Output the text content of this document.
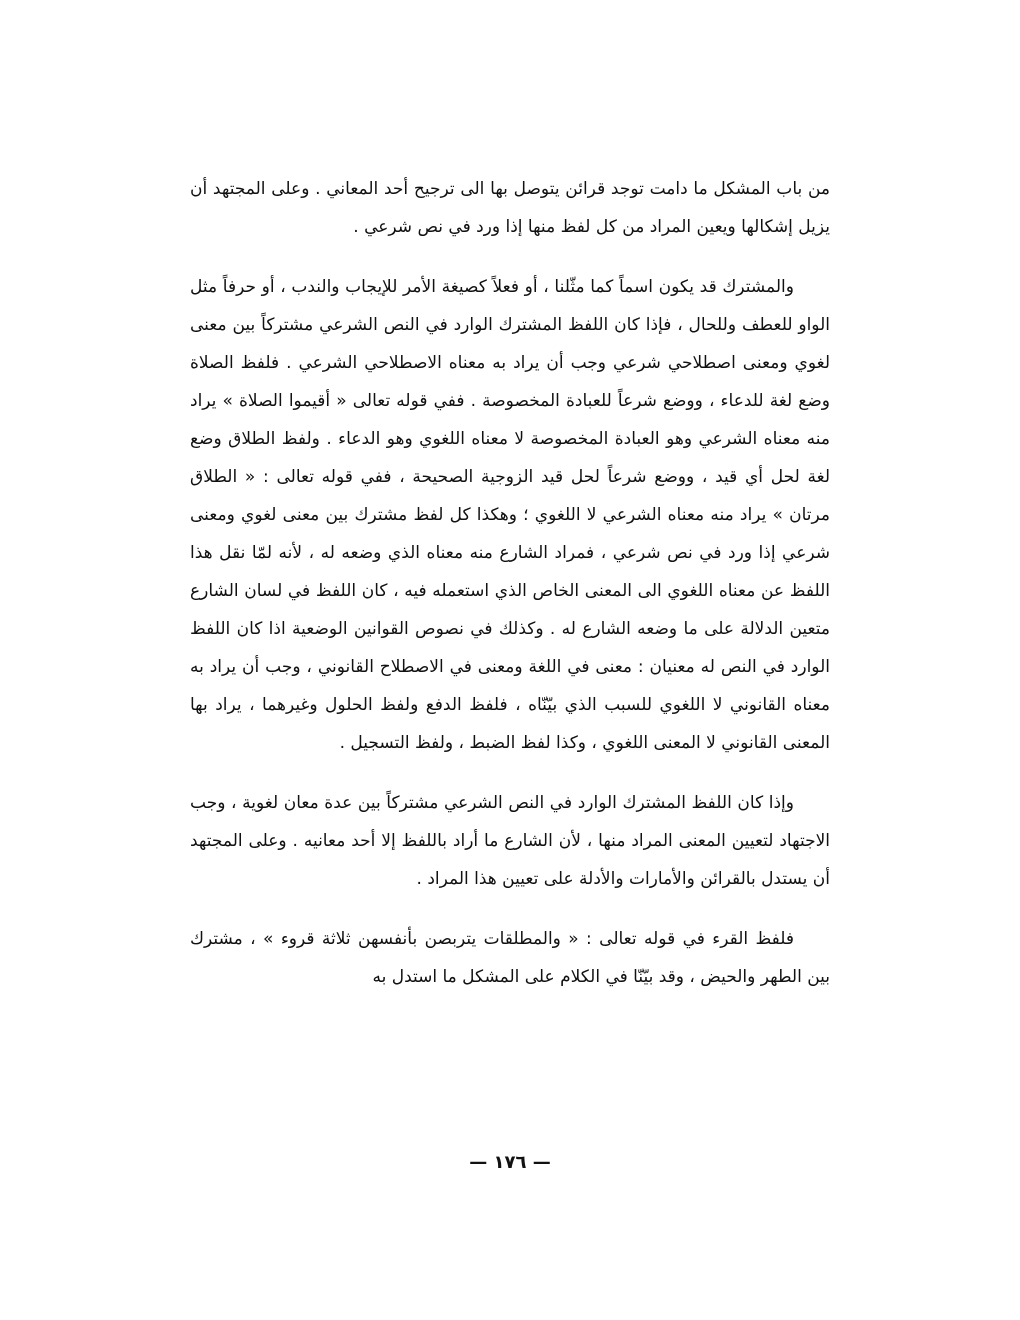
من باب المشكل ما دامت توجد قرائن يتوصل بها الى ترجيح أحد المعاني . وعلى المجتهد أن يزيل إشكالها ويعين المراد من كل لفظ منها إذا ورد في نص شرعي .

والمشترك قد يكون اسماً كما مثّلنا ، أو فعلاً كصيغة الأمر للإيجاب والندب ، أو حرفاً مثل الواو للعطف وللحال ، فإذا كان اللفظ المشترك الوارد في النص الشرعي مشتركاً بين معنى لغوي ومعنى اصطلاحي شرعي وجب أن يراد به معناه الاصطلاحي الشرعي . فلفظ الصلاة وضع لغة للدعاء ، ووضع شرعاً للعبادة المخصوصة . ففي قوله تعالى « أقيموا الصلاة » يراد منه معناه الشرعي وهو العبادة المخصوصة لا معناه اللغوي وهو الدعاء . ولفظ الطلاق وضع لغة لحل أي قيد ، ووضع شرعاً لحل قيد الزوجية الصحيحة ، ففي قوله تعالى : « الطلاق مرتان » يراد منه معناه الشرعي لا اللغوي ؛ وهكذا كل لفظ مشترك بين معنى لغوي ومعنى شرعي إذا ورد في نص شرعي ، فمراد الشارع منه معناه الذي وضعه له ، لأنه لمّا نقل هذا اللفظ عن معناه اللغوي الى المعنى الخاص الذي استعمله فيه ، كان اللفظ في لسان الشارع متعين الدلالة على ما وضعه الشارع له . وكذلك في نصوص القوانين الوضعية اذا كان اللفظ الوارد في النص له معنيان : معنى في اللغة ومعنى في الاصطلاح القانوني ، وجب أن يراد به معناه القانوني لا اللغوي للسبب الذي بيّنّاه ، فلفظ الدفع ولفظ الحلول وغيرهما ، يراد بها المعنى القانوني لا المعنى اللغوي ، وكذا لفظ الضبط ، ولفظ التسجيل .

وإذا كان اللفظ المشترك الوارد في النص الشرعي مشتركاً بين عدة معان لغوية ، وجب الاجتهاد لتعيين المعنى المراد منها ، لأن الشارع ما أراد باللفظ إلا أحد معانيه . وعلى المجتهد أن يستدل بالقرائن والأمارات والأدلة على تعيين هذا المراد .

فلفظ القرء في قوله تعالى : « والمطلقات يتربصن بأنفسهن ثلاثة قروء » ، مشترك بين الطهر والحيض ، وقد بيّنّا في الكلام على المشكل ما استدل به

— ١٧٦ —
